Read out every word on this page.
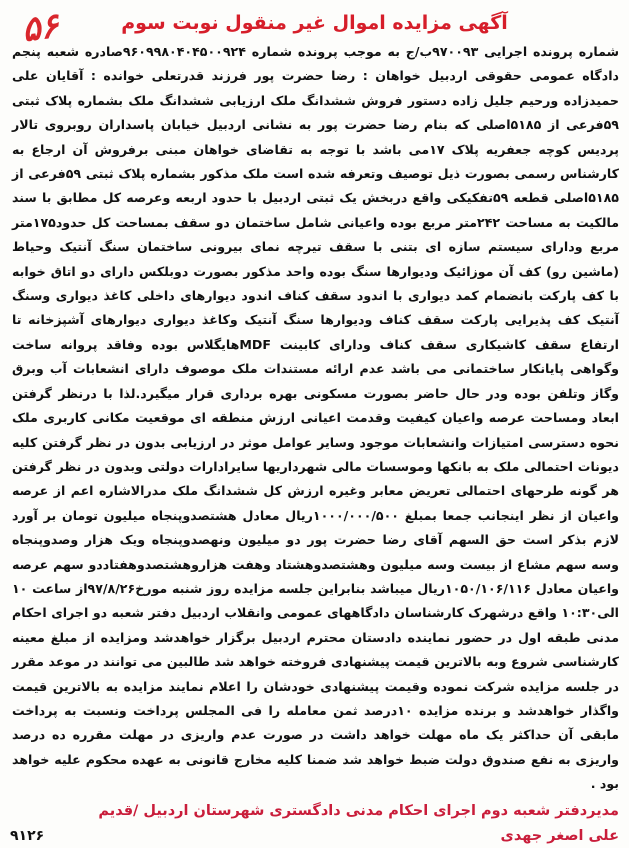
۵۶	آگهی مزایده اموال غیر منقول نوبت سوم

شماره پرونده اجرایی ۹۷۰۰۹۳ب/ج به موجب پرونده شماره ۹۶۰۹۹۸۰۴۰۴۵۰۰۹۲۴صادره شعبه پنجم دادگاه عمومی حقوقی اردبیل خواهان : رضا حضرت پور فرزند قدرتعلی خوانده : آقایان علی حمیدزاده ورحیم جلیل زاده دستور فروش ششدانگ ملک ارزیابی ششدانگ ملک بشماره پلاک ثبتی ۵۹فرعی از ۵۱۸۵اصلی که بنام رضا حضرت پور به نشانی اردبیل خیابان پاسداران روبروی تالار پردیس کوچه جعفریه پلاک ۱۷می باشد با توجه به تقاضای خواهان مبنی برفروش آن ارجاع به کارشناس رسمی بصورت ذیل توصیف وتعرفه شده است ملک مذکور بشماره پلاک ثبتی ۵۹فرعی از ۵۱۸۵اصلی قطعه ۵۹تفکیکی واقع دربخش یک ثبتی اردبیل با حدود اربعه وعرصه کل مطابق با سند مالکیت به مساحت ۲۴۲متر مربع بوده واعیانی شامل ساختمان دو سقف بمساحت کل حدود۱۷۵متر مربع ودارای سیستم سازه ای بتنی با سقف تیرچه نمای بیرونی ساختمان سنگ آنتیک وحیاط (ماشین رو) کف آن موزائیک ودیوارها سنگ بوده واحد مذکور بصورت دوبلکس دارای دو اتاق خوابه با کف پارکت بانضمام کمد دیواری با اندود سقف کناف اندود دیوارهای داخلی کاغذ دیواری وسنگ آنتیک کف پذیرایی پارکت سقف کناف ودیوارها سنگ آنتیک وکاغذ دیواری دیوارهای آشپزخانه تا ارتفاع سقف کاشیکاری سقف کناف ودارای کابینت MDFهایگلاس بوده وفاقد پروانه ساخت وگواهی پایانکار ساختمانی می باشد عدم ارائه مستندات ملک موصوف دارای انشعابات آب وبرق وگاز وتلفن بوده ودر حال حاضر بصورت مسکونی بهره برداری قرار میگیرد.لذا با درنظر گرفتن ابعاد ومساحت عرصه واعیان کیفیت وقدمت اعیانی ارزش منطقه ای موقعیت مکانی کاربری ملک نحوه دسترسی امتیازات وانشعابات موجود وسایر عوامل موثر در ارزیابی بدون در نظر گرفتن کلیه دیونات احتمالی ملک به بانکها وموسسات مالی شهرداریها سایرادارات دولتی وبدون در نظر گرفتن هر گونه طرحهای احتمالی تعریض معابر وغیره ارزش کل ششدانگ ملک مدرالاشاره اعم از عرصه واعیان از نظر اینجانب جمعا بمبلغ ۱۰۰۰/۰۰۰/۵۰۰ریال معادل هشتصدوپنجاه میلیون تومان بر آورد لازم بذکر است حق السهم آقای رضا حضرت پور دو میلیون ونهصدوپنجاه ویک هزار وصدوپنجاه وسه سهم مشاع از بیست وسه میلیون وهشتصدوهشتاد وهفت هزاروهشتصدوهفتاددو سهم عرصه واعیان معادل ۱۰۵۰/۱۰۶/۱۱۶ریال میباشد بنابراین جلسه مزایده روز شنبه مورخ۹۷/۸/۲۶از ساعت ۱۰ الی۱۰:۳۰ واقع درشهرک کارشناسان دادگاههای عمومی وانقلاب اردبیل دفتر شعبه دو اجرای احکام مدنی طبقه اول در حضور نماینده دادستان محترم اردبیل برگزار خواهدشد ومزایده از مبلغ معینه کارشناسی شروع وبه بالاترین قیمت پیشنهادی فروخته خواهد شد طالبین می توانند در موعد مقرر در جلسه مزایده شرکت نموده وقیمت پیشنهادی خودشان را اعلام نمایند مزایده به بالاترین قیمت واگذار خواهدشد و برنده مزایده ۱۰درصد ثمن معامله را فی المجلس پرداخت ونسبت به پرداخت مابقی آن حداکثر یک ماه مهلت خواهد داشت در صورت عدم واریزی در مهلت مقرره ده درصد واریزی به نفع صندوق دولت ضبط خواهد شد ضمنا کلیه مخارج قانونی به عهده محکوم علیه خواهد بود .

مدیردفتر شعبه دوم اجرای احکام مدنی دادگستری شهرستان اردبیل /قدیم
علی اصغر جهدی
۹۱۲۶
